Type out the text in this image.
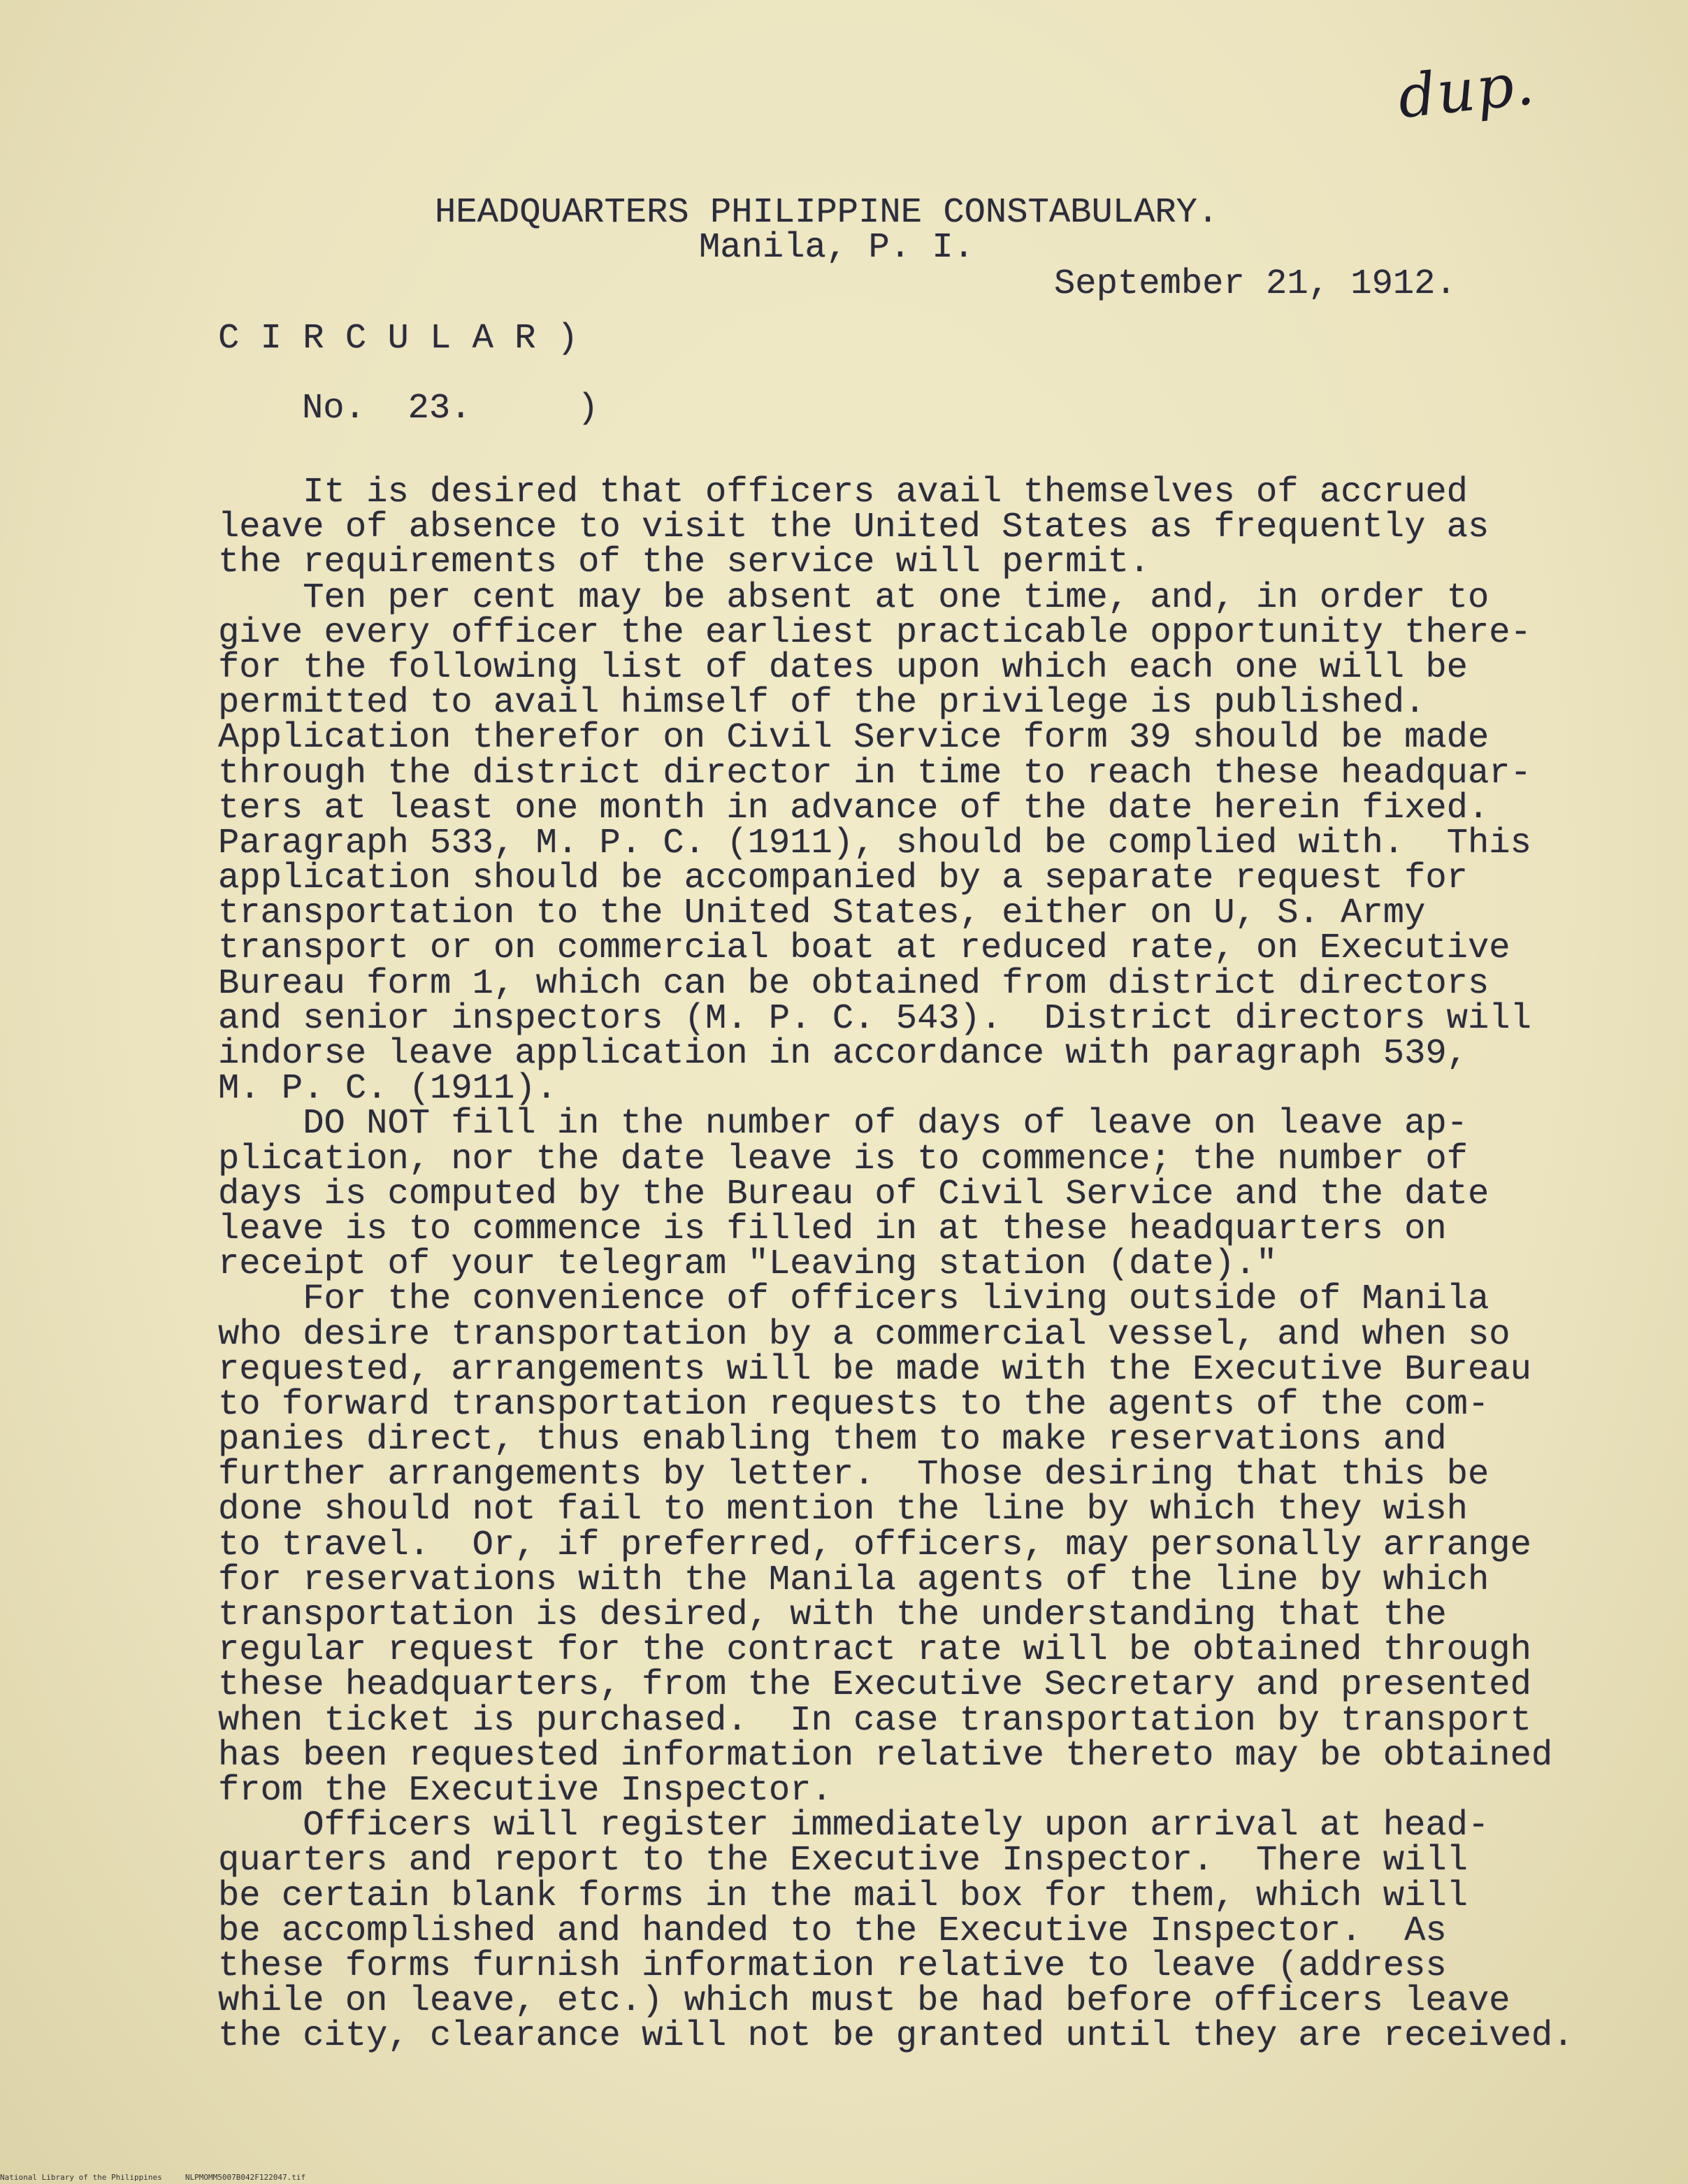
dup.
HEADQUARTERS PHILIPPINE CONSTABULARY.
Manila, P. I.
September 21, 1912.
C I R C U L A R )
No.  23.     )
It is desired that officers avail themselves of accrued
leave of absence to visit the United States as frequently as
the requirements of the service will permit.
Ten per cent may be absent at one time, and, in order to
give every officer the earliest practicable opportunity there-
for the following list of dates upon which each one will be
permitted to avail himself of the privilege is published.
Application therefor on Civil Service form 39 should be made
through the district director in time to reach these headquar-
ters at least one month in advance of the date herein fixed.
Paragraph 533, M. P. C. (1911), should be complied with.  This
application should be accompanied by a separate request for
transportation to the United States, either on U, S. Army
transport or on commercial boat at reduced rate, on Executive
Bureau form 1, which can be obtained from district directors
and senior inspectors (M. P. C. 543).  District directors will
indorse leave application in accordance with paragraph 539,
M. P. C. (1911).
DO NOT fill in the number of days of leave on leave ap-
plication, nor the date leave is to commence; the number of
days is computed by the Bureau of Civil Service and the date
leave is to commence is filled in at these headquarters on
receipt of your telegram "Leaving station (date)."
For the convenience of officers living outside of Manila
who desire transportation by a commercial vessel, and when so
requested, arrangements will be made with the Executive Bureau
to forward transportation requests to the agents of the com-
panies direct, thus enabling them to make reservations and
further arrangements by letter.  Those desiring that this be
done should not fail to mention the line by which they wish
to travel.  Or, if preferred, officers, may personally arrange
for reservations with the Manila agents of the line by which
transportation is desired, with the understanding that the
regular request for the contract rate will be obtained through
these headquarters, from the Executive Secretary and presented
when ticket is purchased.  In case transportation by transport
has been requested information relative thereto may be obtained
from the Executive Inspector.
Officers will register immediately upon arrival at head-
quarters and report to the Executive Inspector.  There will
be certain blank forms in the mail box for them, which will
be accomplished and handed to the Executive Inspector.  As
these forms furnish information relative to leave (address
while on leave, etc.) which must be had before officers leave
the city, clearance will not be granted until they are received.
National Library of the Philippines     NLPMOMM5007B042F122047.tif
